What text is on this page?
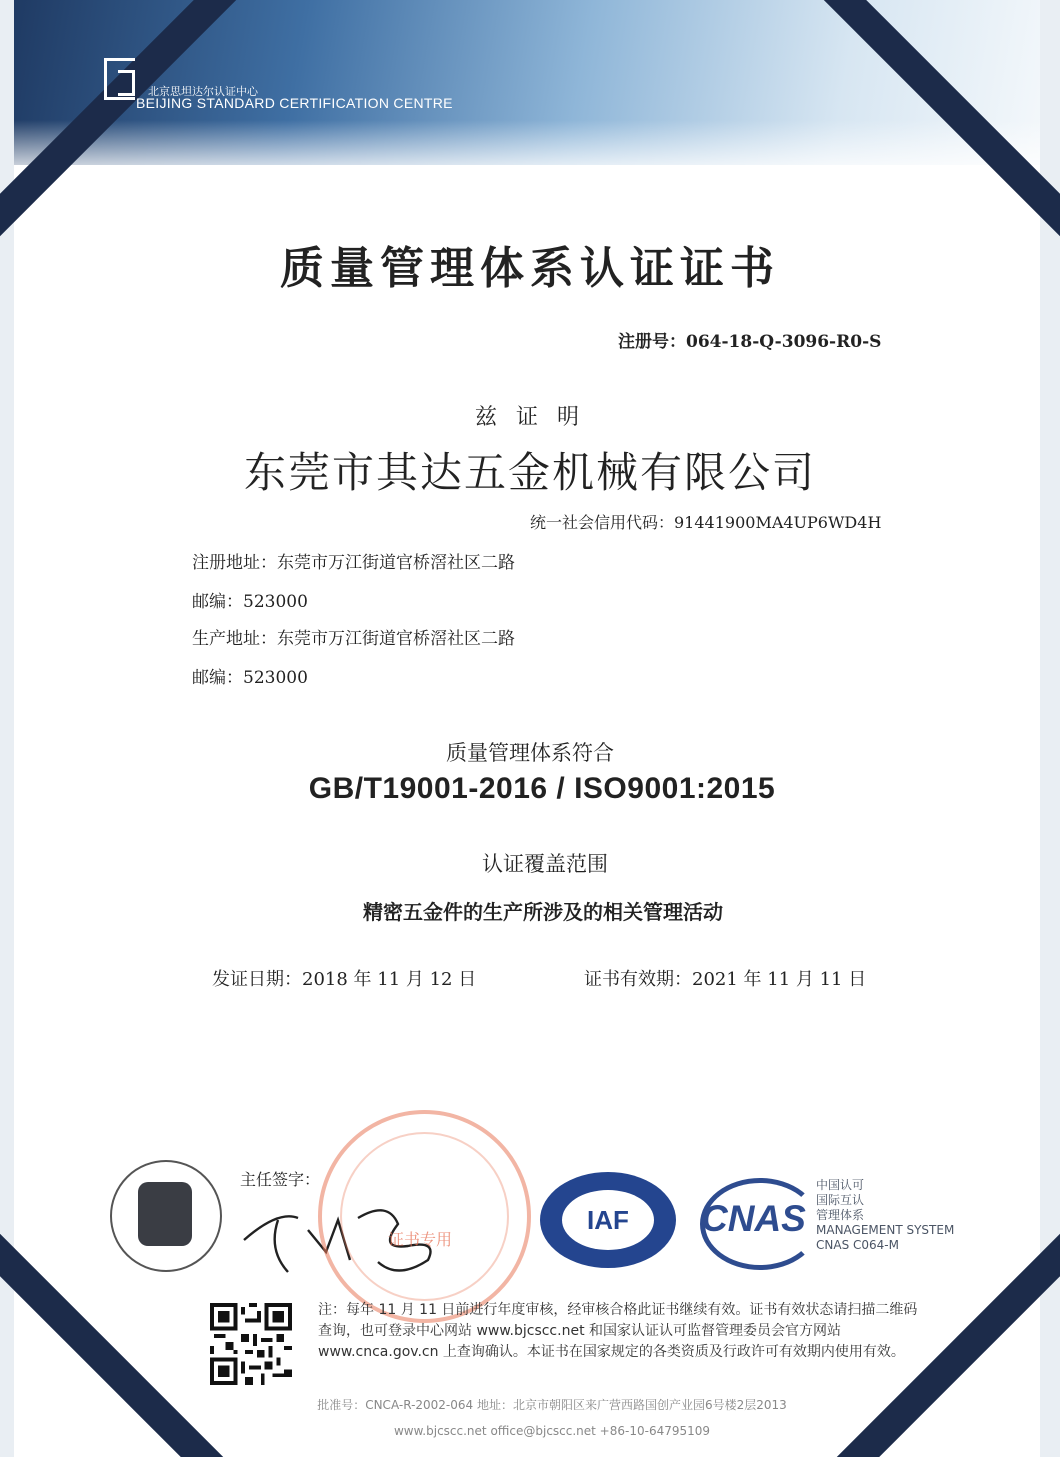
北京思坦达尔认证中心
BEIJING STANDARD CERTIFICATION CENTRE
质量管理体系认证证书
注册号：064-18-Q-3096-R0-S
兹 证 明
东莞市其达五金机械有限公司
统一社会信用代码：91441900MA4UP6WD4H
注册地址：东莞市万江街道官桥滘社区二路
邮编：523000
生产地址：东莞市万江街道官桥滘社区二路
邮编：523000
质量管理体系符合
GB/T19001-2016 / ISO9001:2015
认证覆盖范围
精密五金件的生产所涉及的相关管理活动
发证日期：2018 年 11 月 12 日	证书有效期：2021 年 11 月 11 日
主任签字：
证书专用
IAF	CNAS
中国认可
国际互认
管理体系
MANAGEMENT SYSTEM
CNAS C064-M
注：每年 11 月 11 日前进行年度审核，经审核合格此证书继续有效。证书有效状态请扫描二维码查询，也可登录中心网站 www.bjcscc.net 和国家认证认可监督管理委员会官方网站 www.cnca.gov.cn 上查询确认。本证书在国家规定的各类资质及行政许可有效期内使用有效。
批准号：CNCA-R-2002-064 地址：北京市朝阳区来广营西路国创产业园6号楼2层2013
www.bjcscc.net office@bjcscc.net +86-10-64795109
